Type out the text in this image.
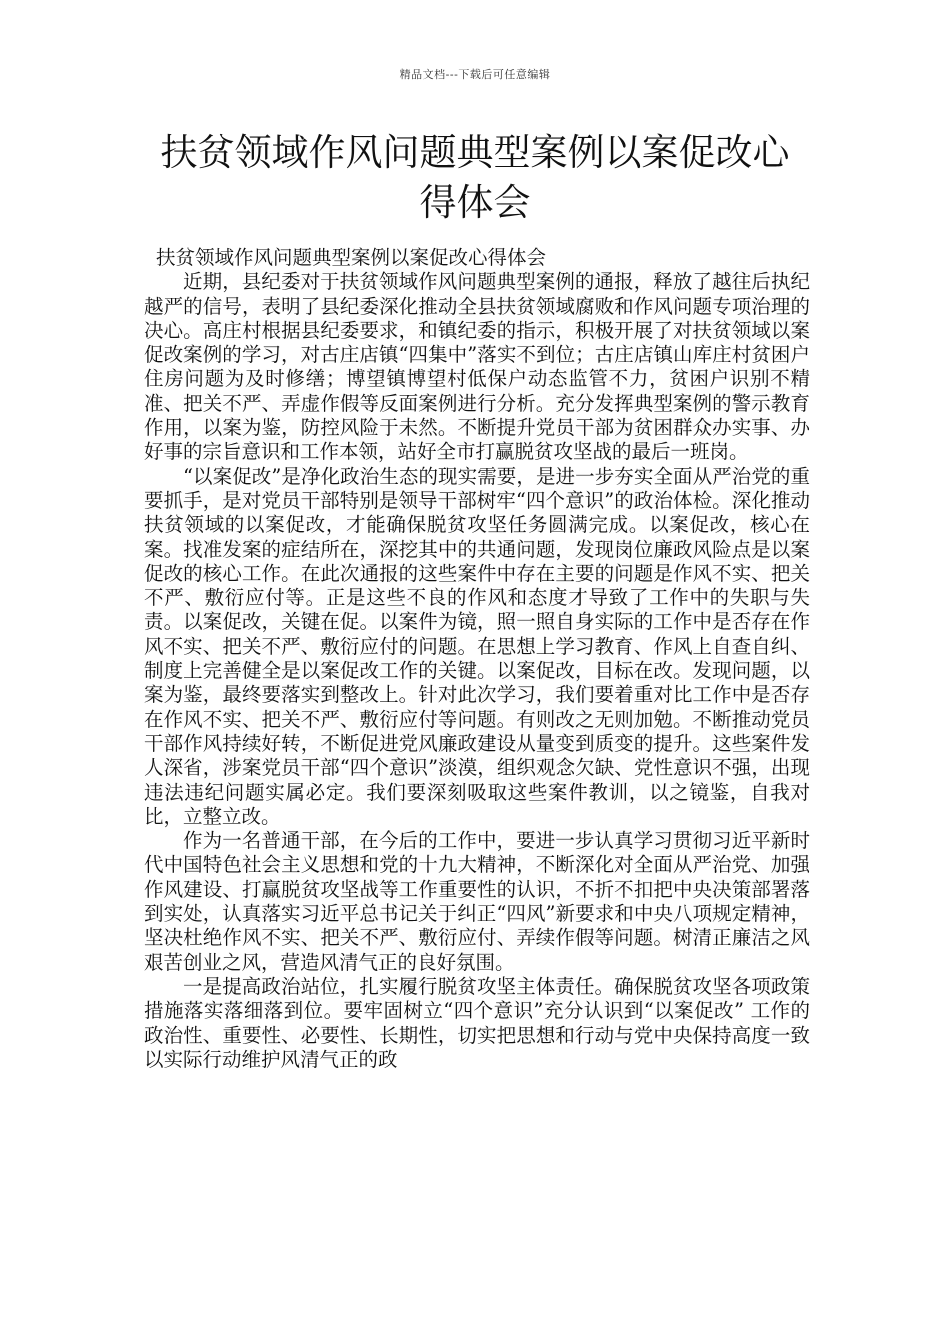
精品文档---下载后可任意编辑
扶贫领域作风问题典型案例以案促改心得体会

扶贫领域作风问题典型案例以案促改心得体会

近期，县纪委对于扶贫领域作风问题典型案例的通报，释放了越往后执纪越严的信号，表明了县纪委深化推动全县扶贫领域腐败和作风问题专项治理的决心。高庄村根据县纪委要求，和镇纪委的指示，积极开展了对扶贫领域以案促改案例的学习，对古庄店镇“四集中”落实不到位；古庄店镇山库庄村贫困户住房问题为及时修缮；博望镇博望村低保户动态监管不力，贫困户识别不精准、把关不严、弄虚作假等反面案例进行分析。充分发挥典型案例的警示教育作用，以案为鉴，防控风险于未然。不断提升党员干部为贫困群众办实事、办好事的宗旨意识和工作本领，站好全市打赢脱贫攻坚战的最后一班岗。

“以案促改”是净化政治生态的现实需要，是进一步夯实全面从严治党的重要抓手，是对党员干部特别是领导干部树牢“四个意识”的政治体检。深化推动扶贫领域的以案促改，才能确保脱贫攻坚任务圆满完成。以案促改，核心在案。找准发案的症结所在，深挖其中的共通问题，发现岗位廉政风险点是以案促改的核心工作。在此次通报的这些案件中存在主要的问题是作风不实、把关不严、敷衍应付等。正是这些不良的作风和态度才导致了工作中的失职与失责。以案促改，关键在促。以案件为镜，照一照自身实际的工作中是否存在作风不实、把关不严、敷衍应付的问题。在思想上学习教育、作风上自查自纠、制度上完善健全是以案促改工作的关键。以案促改，目标在改。发现问题，以案为鉴，最终要落实到整改上。针对此次学习，我们要着重对比工作中是否存在作风不实、把关不严、敷衍应付等问题。有则改之无则加勉。不断推动党员干部作风持续好转，不断促进党风廉政建设从量变到质变的提升。这些案件发人深省，涉案党员干部“四个意识”淡漠，组织观念欠缺、党性意识不强，出现违法违纪问题实属必定。我们要深刻吸取这些案件教训，以之镜鉴，自我对比，立整立改。

作为一名普通干部，在今后的工作中，要进一步认真学习贯彻习近平新时代中国特色社会主义思想和党的十九大精神，不断深化对全面从严治党、加强作风建设、打赢脱贫攻坚战等工作重要性的认识，不折不扣把中央决策部署落到实处，认真落实习近平总书记关于纠正“四风”新要求和中央八项规定精神，坚决杜绝作风不实、把关不严、敷衍应付、弄续作假等问题。树清正廉洁之风艰苦创业之风，营造风清气正的良好氛围。

一是提高政治站位，扎实履行脱贫攻坚主体责任。确保脱贫攻坚各项政策措施落实落细落到位。要牢固树立“四个意识”充分认识到“以案促改” 工作的政治性、重要性、必要性、长期性，切实把思想和行动与党中央保持高度一致以实际行动维护风清气正的政
